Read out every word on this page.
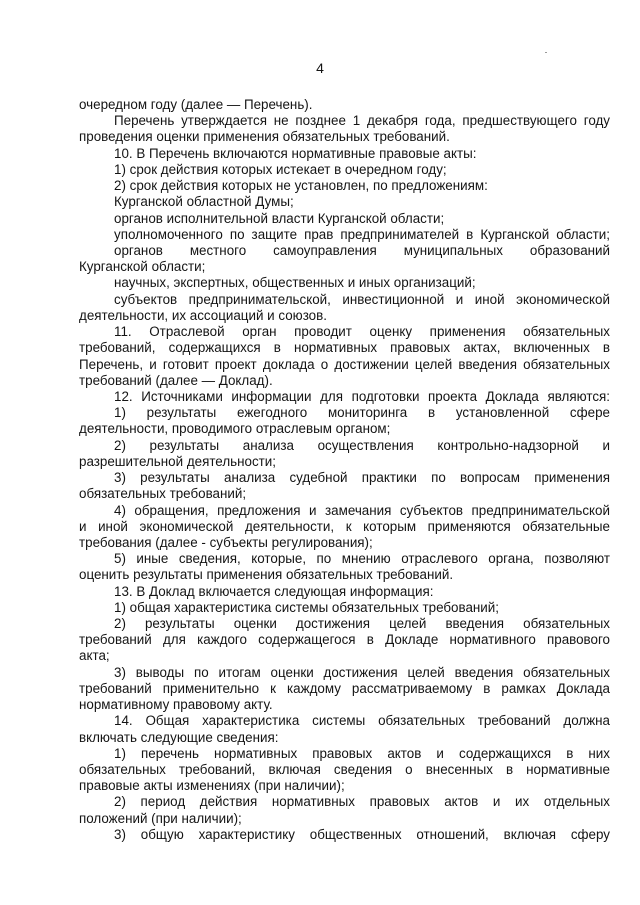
4
очередном году (далее — Перечень).
Перечень утверждается не позднее 1 декабря года, предшествующего году
проведения оценки применения обязательных требований.
10. В Перечень включаются нормативные правовые акты:
1) срок действия которых истекает в очередном году;
2) срок действия которых не установлен, по предложениям:
Курганской областной Думы;
органов исполнительной власти Курганской области;
уполномоченного по защите прав предпринимателей в Курганской области;
органов местного самоуправления муниципальных образований
Курганской области;
научных, экспертных, общественных и иных организаций;
субъектов предпринимательской, инвестиционной и иной экономической
деятельности, их ассоциаций и союзов.
11. Отраслевой орган проводит оценку применения обязательных
требований, содержащихся в нормативных правовых актах, включенных в
Перечень, и готовит проект доклада о достижении целей введения обязательных
требований (далее — Доклад).
12. Источниками информации для подготовки проекта Доклада являются:
1) результаты ежегодного мониторинга в установленной сфере
деятельности, проводимого отраслевым органом;
2) результаты анализа осуществления контрольно-надзорной и
разрешительной деятельности;
3) результаты анализа судебной практики по вопросам применения
обязательных требований;
4) обращения, предложения и замечания субъектов предпринимательской
и иной экономической деятельности, к которым применяются обязательные
требования (далее - субъекты регулирования);
5) иные сведения, которые, по мнению отраслевого органа, позволяют
оценить результаты применения обязательных требований.
13. В Доклад включается следующая информация:
1) общая характеристика системы обязательных требований;
2) результаты оценки достижения целей введения обязательных
требований для каждого содержащегося в Докладе нормативного правового
акта;
3) выводы по итогам оценки достижения целей введения обязательных
требований применительно к каждому рассматриваемому в рамках Доклада
нормативному правовому акту.
14. Общая характеристика системы обязательных требований должна
включать следующие сведения:
1) перечень нормативных правовых актов и содержащихся в них
обязательных требований, включая сведения о внесенных в нормативные
правовые акты изменениях (при наличии);
2) период действия нормативных правовых актов и их отдельных
положений (при наличии);
3) общую характеристику общественных отношений, включая сферу
